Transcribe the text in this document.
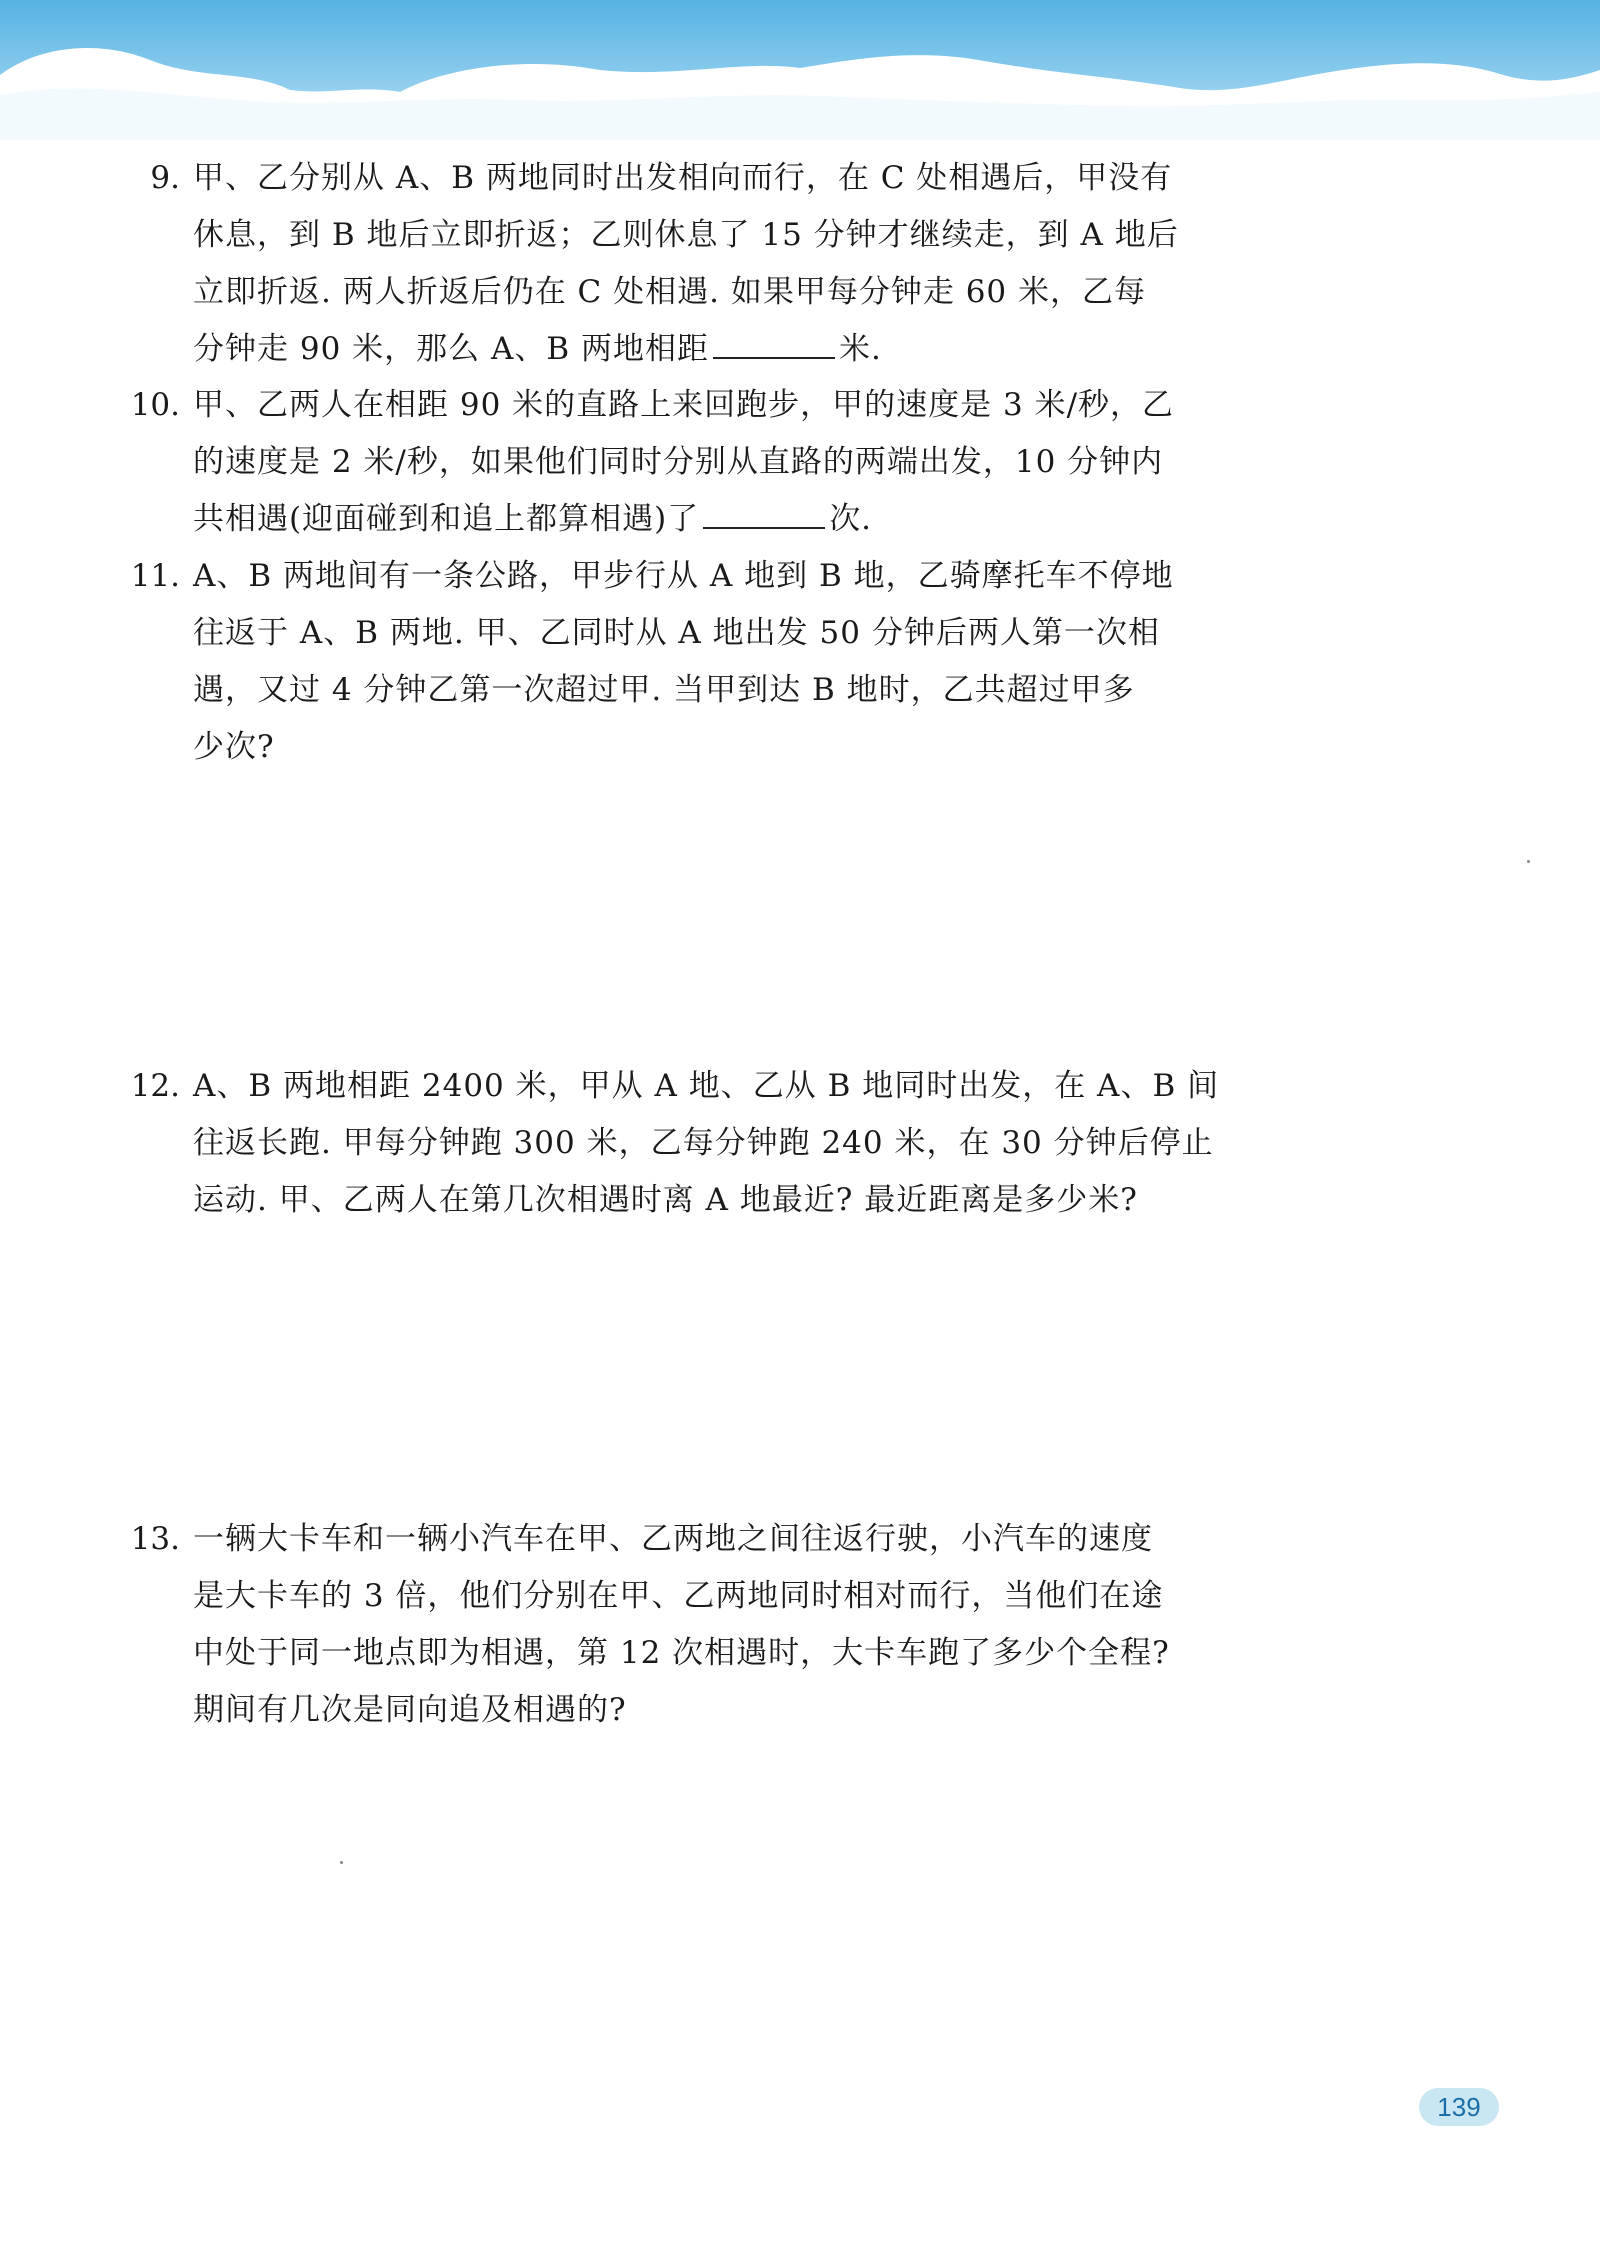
9. 甲、乙分别从 A、B 两地同时出发相向而行，在 C 处相遇后，甲没有
休息，到 B 地后立即折返；乙则休息了 15 分钟才继续走，到 A 地后
立即折返. 两人折返后仍在 C 处相遇. 如果甲每分钟走 60 米，乙每
分钟走 90 米，那么 A、B 两地相距	米.
10. 甲、乙两人在相距 90 米的直路上来回跑步，甲的速度是 3 米/秒，乙
的速度是 2 米/秒，如果他们同时分别从直路的两端出发，10 分钟内
共相遇(迎面碰到和追上都算相遇)了	次.
11. A、B 两地间有一条公路，甲步行从 A 地到 B 地，乙骑摩托车不停地
往返于 A、B 两地. 甲、乙同时从 A 地出发 50 分钟后两人第一次相
遇，又过 4 分钟乙第一次超过甲. 当甲到达 B 地时，乙共超过甲多
少次?
12. A、B 两地相距 2400 米，甲从 A 地、乙从 B 地同时出发，在 A、B 间
往返长跑. 甲每分钟跑 300 米，乙每分钟跑 240 米，在 30 分钟后停止
运动. 甲、乙两人在第几次相遇时离 A 地最近? 最近距离是多少米?
13. 一辆大卡车和一辆小汽车在甲、乙两地之间往返行驶，小汽车的速度
是大卡车的 3 倍，他们分别在甲、乙两地同时相对而行，当他们在途
中处于同一地点即为相遇，第 12 次相遇时，大卡车跑了多少个全程?
期间有几次是同向追及相遇的?
139
